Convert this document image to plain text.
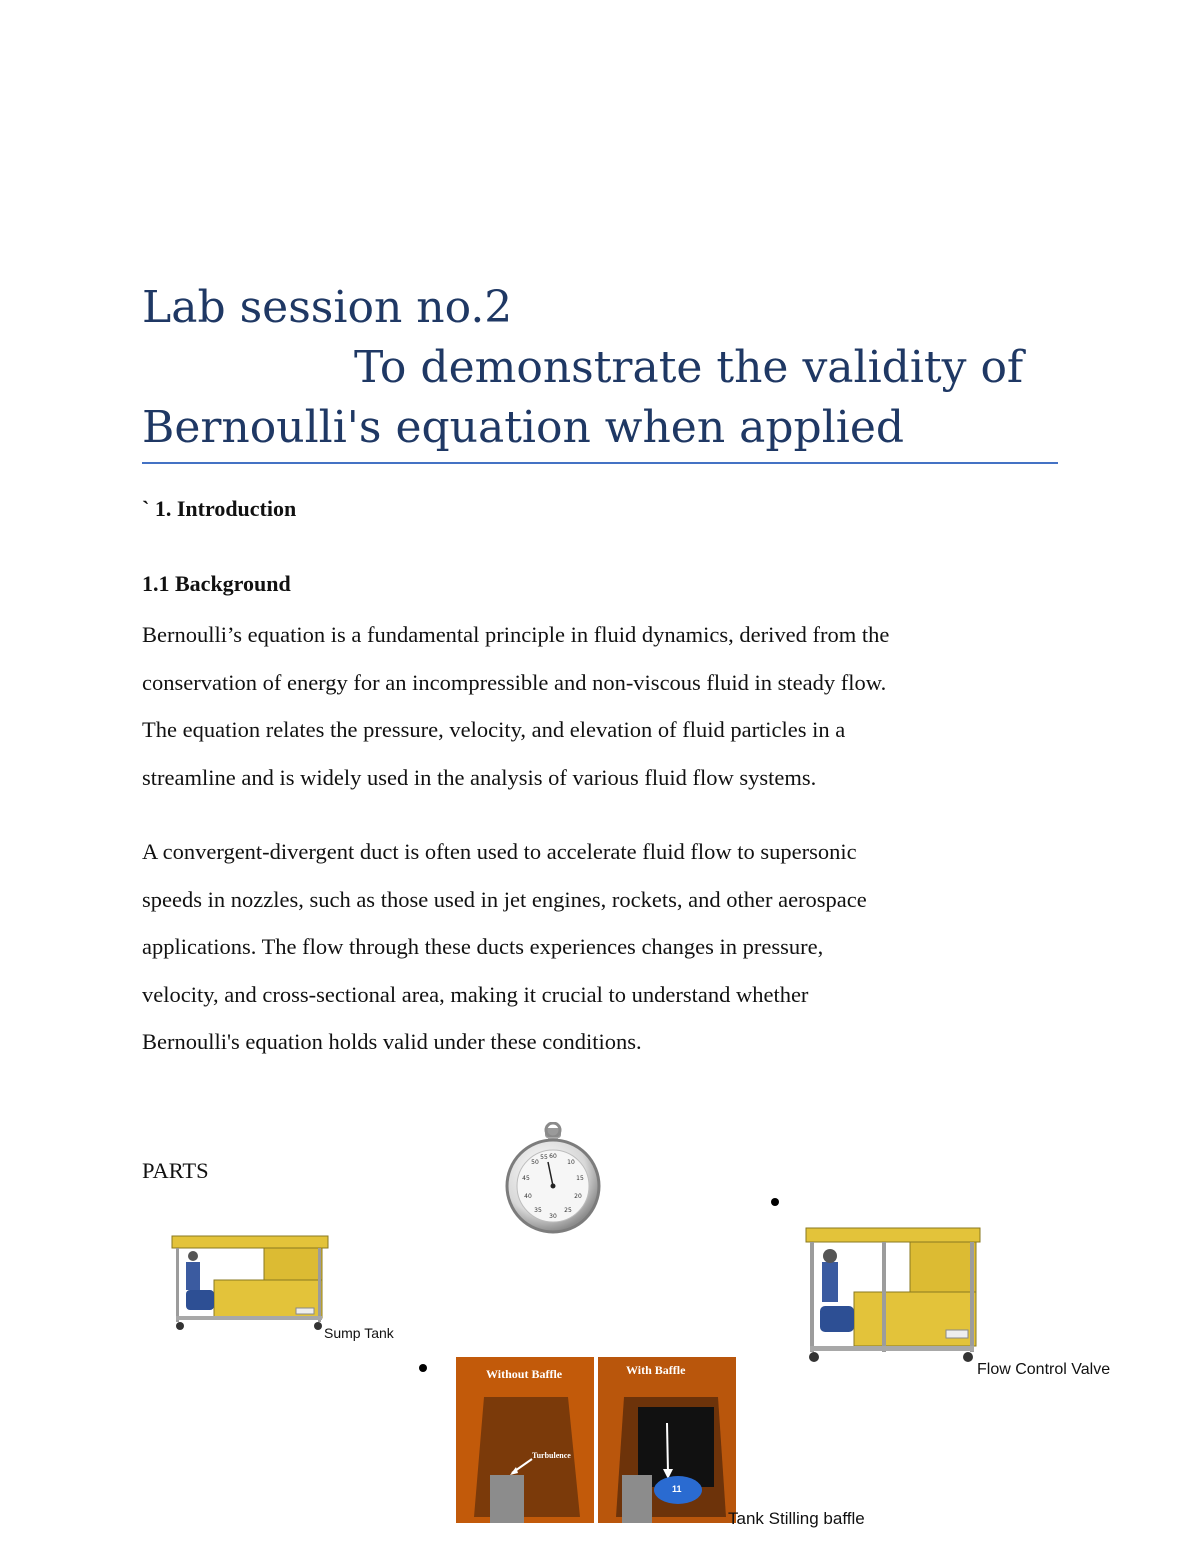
Lab session no.2
To demonstrate the validity of
Bernoulli's equation when applied
` 1. Introduction
1.1 Background
Bernoulli’s equation is a fundamental principle in fluid dynamics, derived from the
conservation of energy for an incompressible and non-viscous fluid in steady flow.
The equation relates the pressure, velocity, and elevation of fluid particles in a
streamline and is widely used in the analysis of various fluid flow systems.
A convergent-divergent duct is often used to accelerate fluid flow to supersonic
speeds in nozzles, such as those used in jet engines, rockets, and other aerospace
applications. The flow through these ducts experiences changes in pressure,
velocity, and cross-sectional area, making it crucial to understand whether
Bernoulli's equation holds valid under these conditions.
PARTS
60
10
15
20
25
30
35
40
45
50
55
Sump Tank
Flow Control Valve
Without Baffle	With Baffle
Turbulence
11
Tank Stilling baffle
